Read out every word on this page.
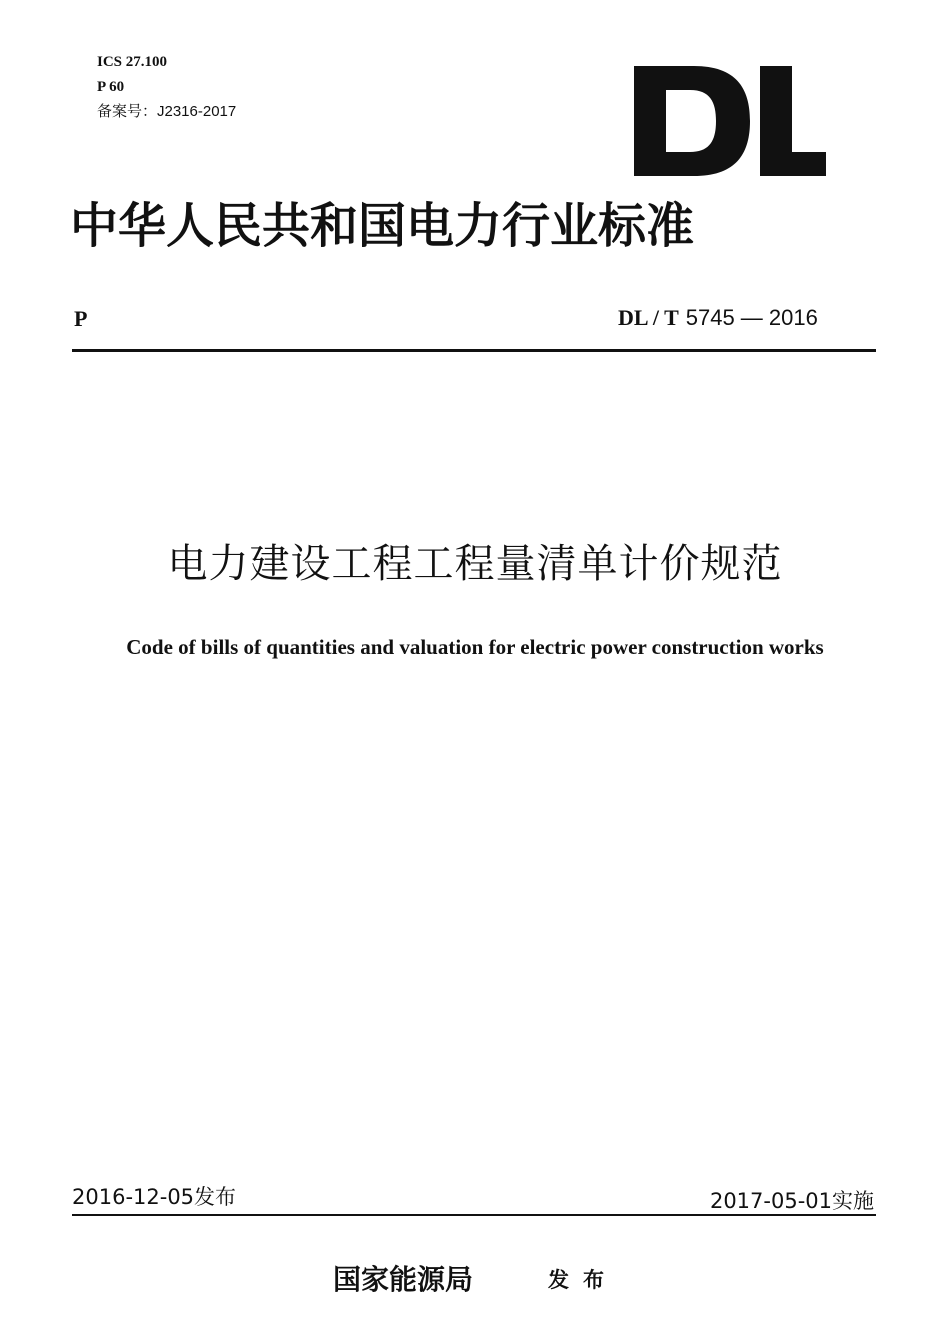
ICS 27.100
P 60
备案号：J2316-2017
中华人民共和国电力行业标准
P	DL / T 5745 — 2016
电力建设工程工程量清单计价规范
Code of bills of quantities and valuation for electric power construction works
2016-12-05发布	2017-05-01实施
国家能源局	发布
